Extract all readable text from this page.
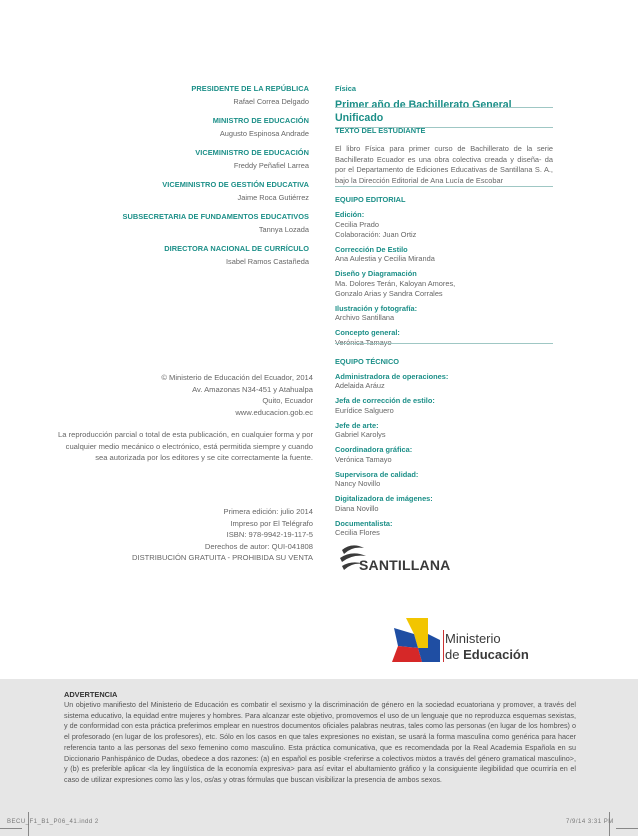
PRESIDENTE DE LA REPÚBLICA
Rafael Correa Delgado
MINISTRO DE EDUCACIÓN
Augusto Espinosa Andrade
VICEMINISTRO DE EDUCACIÓN
Freddy Peñafiel Larrea
VICEMINISTRO DE GESTIÓN EDUCATIVA
Jaime Roca Gutiérrez
SUBSECRETARIA DE FUNDAMENTOS EDUCATIVOS
Tannya Lozada
DIRECTORA NACIONAL DE CURRÍCULO
Isabel Ramos Castañeda
© Ministerio de Educación del Ecuador, 2014
Av. Amazonas N34-451 y Atahualpa
Quito, Ecuador
www.educacion.gob.ec
La reproducción parcial o total de esta publicación, en cualquier forma y por
cualquier medio mecánico o electrónico, está permitida siempre y cuando
sea autorizada por los editores y se cite correctamente la fuente.
Primera edición: julio 2014
Impreso por El Telégrafo
ISBN: 978-9942-19-117-5
Derechos de autor: QUI-041808
DISTRIBUCIÓN GRATUITA - PROHIBIDA SU VENTA
Física
Primer año de Bachillerato General Unificado
TEXTO DEL ESTUDIANTE
El libro Física para primer curso de Bachillerato de la serie Bachillerato Ecuador es una obra colectiva creada y diseña- da por el Departamento de Ediciones Educativas de Santillana S. A., bajo la Dirección Editorial de Ana Lucía de Escobar
EQUIPO EDITORIAL
Edición:
Cecilia Prado
Colaboración: Juan Ortiz
Corrección De Estilo
Ana Aulestia y Cecilia Miranda
Diseño y Diagramación
Ma. Dolores Terán, Kaloyan Amores,
Gonzalo Arias y Sandra Corrales
Ilustración y fotografía:
Archivo Santillana
Concepto general:
Verónica Tamayo
EQUIPO TÉCNICO
Administradora de operaciones:
Adelaida Aráuz
Jefa de corrección de estilo:
Eurídice Salguero
Jefe de arte:
Gabriel Karolys
Coordinadora gráfica:
Verónica Tamayo
Supervisora de calidad:
Nancy Novillo
Digitalizadora de imágenes:
Diana Novillo
Documentalista:
Cecilia Flores
SANTILLANA
Ministerio
de Educación
ADVERTENCIA
Un objetivo manifiesto del Ministerio de Educación es combatir el sexismo y la discriminación de género en la sociedad ecuatoriana y promover, a través del sistema educativo, la equidad entre mujeres y hombres. Para alcanzar este objetivo, promovemos el uso de un lenguaje que no reproduzca esquemas sexistas, y de conformidad con esta práctica preferimos emplear en nuestros documentos oficiales palabras neutras, tales como las personas (en lugar de los hombres) o el profesorado (en lugar de los profesores), etc. Sólo en los casos en que tales expresiones no existan, se usará la forma masculina como genérica para hacer referencia tanto a las personas del sexo femenino como masculino. Esta práctica comunicativa, que es recomendada por la Real Academia Española en su Diccionario Panhispánico de Dudas, obedece a dos razones: (a) en español es posible <referirse a colectivos mixtos a través del género gramatical masculino>, y (b) es preferible aplicar <la ley lingüística de la economía expresiva> para así evitar el abultamiento gráfico y la consiguiente ilegibilidad que ocurriría en el caso de utilizar expresiones como las y los, os/as y otras fórmulas que buscan visibilizar la presencia de ambos sexos.
BECU_F1_B1_P06_41.indd 2	7/9/14 3:31 PM
